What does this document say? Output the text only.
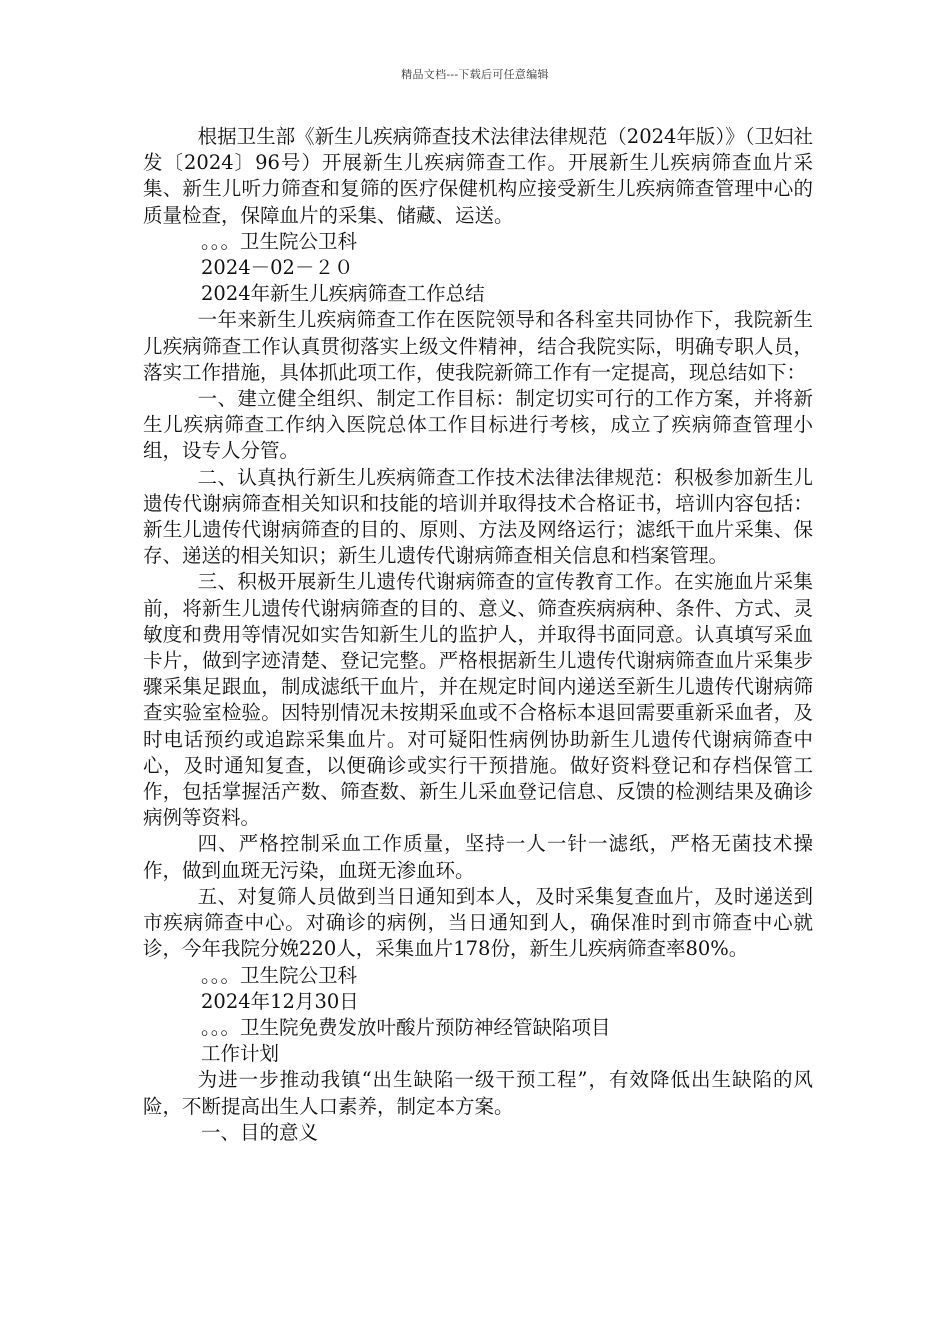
精品文档---下载后可任意编辑

根据卫生部《新生儿疾病筛查技术法律法律规范（2024年版）》（卫妇社发〔2024〕96号）开展新生儿疾病筛查工作。开展新生儿疾病筛查血片采集、新生儿听力筛查和复筛的医疗保健机构应接受新生儿疾病筛查管理中心的质量检查，保障血片的采集、储藏、运送。

。。。卫生院公卫科

2024－02－２０

2024年新生儿疾病筛查工作总结

一年来新生儿疾病筛查工作在医院领导和各科室共同协作下，我院新生儿疾病筛查工作认真贯彻落实上级文件精神，结合我院实际，明确专职人员，落实工作措施，具体抓此项工作，使我院新筛工作有一定提高，现总结如下：

一、建立健全组织、制定工作目标：制定切实可行的工作方案，并将新生儿疾病筛查工作纳入医院总体工作目标进行考核，成立了疾病筛查管理小组，设专人分管。

二、认真执行新生儿疾病筛查工作技术法律法律规范：积极参加新生儿遗传代谢病筛查相关知识和技能的培训并取得技术合格证书，培训内容包括：新生儿遗传代谢病筛查的目的、原则、方法及网络运行；滤纸干血片采集、保存、递送的相关知识；新生儿遗传代谢病筛查相关信息和档案管理。

三、积极开展新生儿遗传代谢病筛查的宣传教育工作。在实施血片采集前，将新生儿遗传代谢病筛查的目的、意义、筛查疾病病种、条件、方式、灵敏度和费用等情况如实告知新生儿的监护人，并取得书面同意。认真填写采血卡片，做到字迹清楚、登记完整。严格根据新生儿遗传代谢病筛查血片采集步骤采集足跟血，制成滤纸干血片，并在规定时间内递送至新生儿遗传代谢病筛查实验室检验。因特别情况未按期采血或不合格标本退回需要重新采血者，及时电话预约或追踪采集血片。对可疑阳性病例协助新生儿遗传代谢病筛查中心，及时通知复查，以便确诊或实行干预措施。做好资料登记和存档保管工作，包括掌握活产数、筛查数、新生儿采血登记信息、反馈的检测结果及确诊病例等资料。

四、严格控制采血工作质量，坚持一人一针一滤纸，严格无菌技术操作，做到血斑无污染，血斑无渗血环。

五、对复筛人员做到当日通知到本人，及时采集复查血片，及时递送到市疾病筛查中心。对确诊的病例，当日通知到人，确保准时到市筛查中心就诊，今年我院分娩220人，采集血片178份，新生儿疾病筛查率80%。

。。。卫生院公卫科

2024年12月30日

。。。卫生院免费发放叶酸片预防神经管缺陷项目

工作计划

为进一步推动我镇“出生缺陷一级干预工程”，有效降低出生缺陷的风险，不断提高出生人口素养，制定本方案。

一、目的意义
